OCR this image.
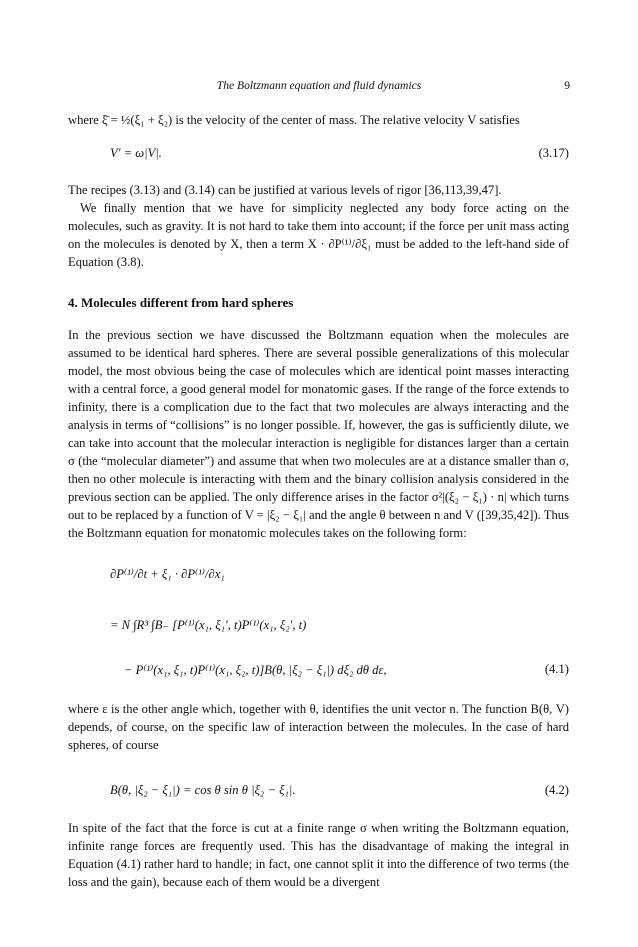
The Boltzmann equation and fluid dynamics	9

where ξ̄ = ½(ξ₁ + ξ₂) is the velocity of the center of mass. The relative velocity V satisfies

V′ = ω|V|.	(3.17)

The recipes (3.13) and (3.14) can be justified at various levels of rigor [36,113,39,47].

We finally mention that we have for simplicity neglected any body force acting on the molecules, such as gravity. It is not hard to take them into account; if the force per unit mass acting on the molecules is denoted by X, then a term X · ∂P⁽¹⁾/∂ξ₁ must be added to the left-hand side of Equation (3.8).

4. Molecules different from hard spheres

In the previous section we have discussed the Boltzmann equation when the molecules are assumed to be identical hard spheres. There are several possible generalizations of this molecular model, the most obvious being the case of molecules which are identical point masses interacting with a central force, a good general model for monatomic gases. If the range of the force extends to infinity, there is a complication due to the fact that two molecules are always interacting and the analysis in terms of “collisions” is no longer possible. If, however, the gas is sufficiently dilute, we can take into account that the molecular interaction is negligible for distances larger than a certain σ (the “molecular diameter”) and assume that when two molecules are at a distance smaller than σ, then no other molecule is interacting with them and the binary collision analysis considered in the previous section can be applied. The only difference arises in the factor σ²|(ξ₂ − ξ₁) · n| which turns out to be replaced by a function of V = |ξ₂ − ξ₁| and the angle θ between n and V ([39,35,42]). Thus the Boltzmann equation for monatomic molecules takes on the following form:

∂P⁽¹⁾/∂t + ξ₁ · ∂P⁽¹⁾/∂x₁
= N ∫R³ ∫B₋ [P⁽¹⁾(x₁, ξ₁′, t)P⁽¹⁾(x₁, ξ₂′, t)
− P⁽¹⁾(x₁, ξ₁, t)P⁽¹⁾(x₁, ξ₂, t)]B(θ, |ξ₂ − ξ₁|) dξ₂ dθ dε,	(4.1)

where ε is the other angle which, together with θ, identifies the unit vector n. The function B(θ, V) depends, of course, on the specific law of interaction between the molecules. In the case of hard spheres, of course

B(θ, |ξ₂ − ξ₁|) = cos θ sin θ |ξ₂ − ξ₁|.	(4.2)

In spite of the fact that the force is cut at a finite range σ when writing the Boltzmann equation, infinite range forces are frequently used. This has the disadvantage of making the integral in Equation (4.1) rather hard to handle; in fact, one cannot split it into the difference of two terms (the loss and the gain), because each of them would be a divergent
